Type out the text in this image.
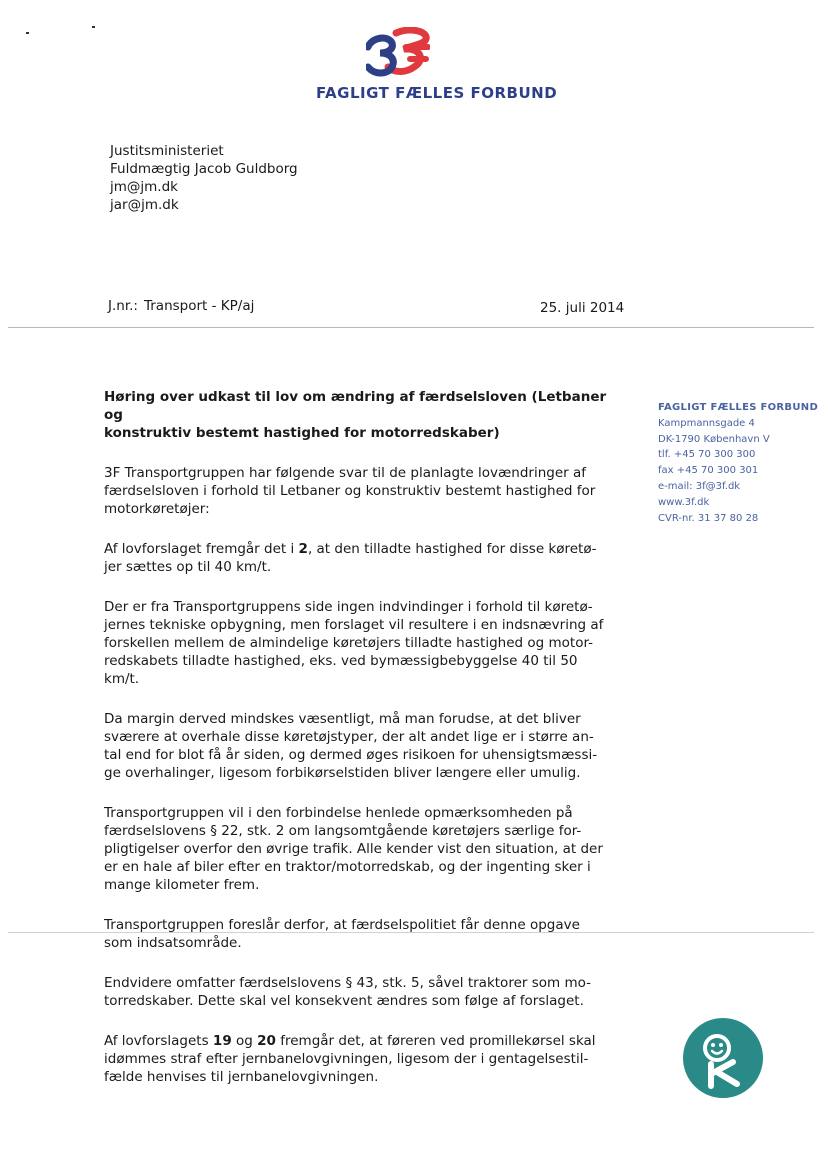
FAGLIGT FÆLLES FORBUND
Justitsministeriet
Fuldmægtig Jacob Guldborg
jm@jm.dk
jar@jm.dk
J.nr.: Transport - KP/aj	25. juli 2014
FAGLIGT FÆLLES FORBUND
Kampmannsgade 4
DK-1790 København V
tlf. +45 70 300 300
fax +45 70 300 301
e-mail: 3f@3f.dk
www.3f.dk
CVR-nr. 31 37 80 28
Høring over udkast til lov om ændring af færdselsloven (Letbaner og
konstruktiv bestemt hastighed for motorredskaber)

3F Transportgruppen har følgende svar til de planlagte lovændringer af
færdselsloven i forhold til Letbaner og konstruktiv bestemt hastighed for
motorkøretøjer:

Af lovforslaget fremgår det i 2, at den tilladte hastighed for disse køretø-
jer sættes op til 40 km/t.

Der er fra Transportgruppens side ingen indvindinger i forhold til køretø-
jernes tekniske opbygning, men forslaget vil resultere i en indsnævring af
forskellen mellem de almindelige køretøjers tilladte hastighed og motor-
redskabets tilladte hastighed, eks. ved bymæssigbebyggelse 40 til 50
km/t.

Da margin derved mindskes væsentligt, må man forudse, at det bliver
sværere at overhale disse køretøjstyper, der alt andet lige er i større an-
tal end for blot få år siden, og dermed øges risikoen for uhensigtsmæssi-
ge overhalinger, ligesom forbikørselstiden bliver længere eller umulig.

Transportgruppen vil i den forbindelse henlede opmærksomheden på
færdselslovens § 22, stk. 2 om langsomtgående køretøjers særlige for-
pligtigelser overfor den øvrige trafik. Alle kender vist den situation, at der
er en hale af biler efter en traktor/motorredskab, og der ingenting sker i
mange kilometer frem.

Transportgruppen foreslår derfor, at færdselspolitiet får denne opgave
som indsatsområde.

Endvidere omfatter færdselslovens § 43, stk. 5, såvel traktorer som mo-
torredskaber. Dette skal vel konsekvent ændres som følge af forslaget.

Af lovforslagets 19 og 20 fremgår det, at føreren ved promillekørsel skal
idømmes straf efter jernbanelovgivningen, ligesom der i gentagelsestil-
fælde henvises til jernbanelovgivningen.
